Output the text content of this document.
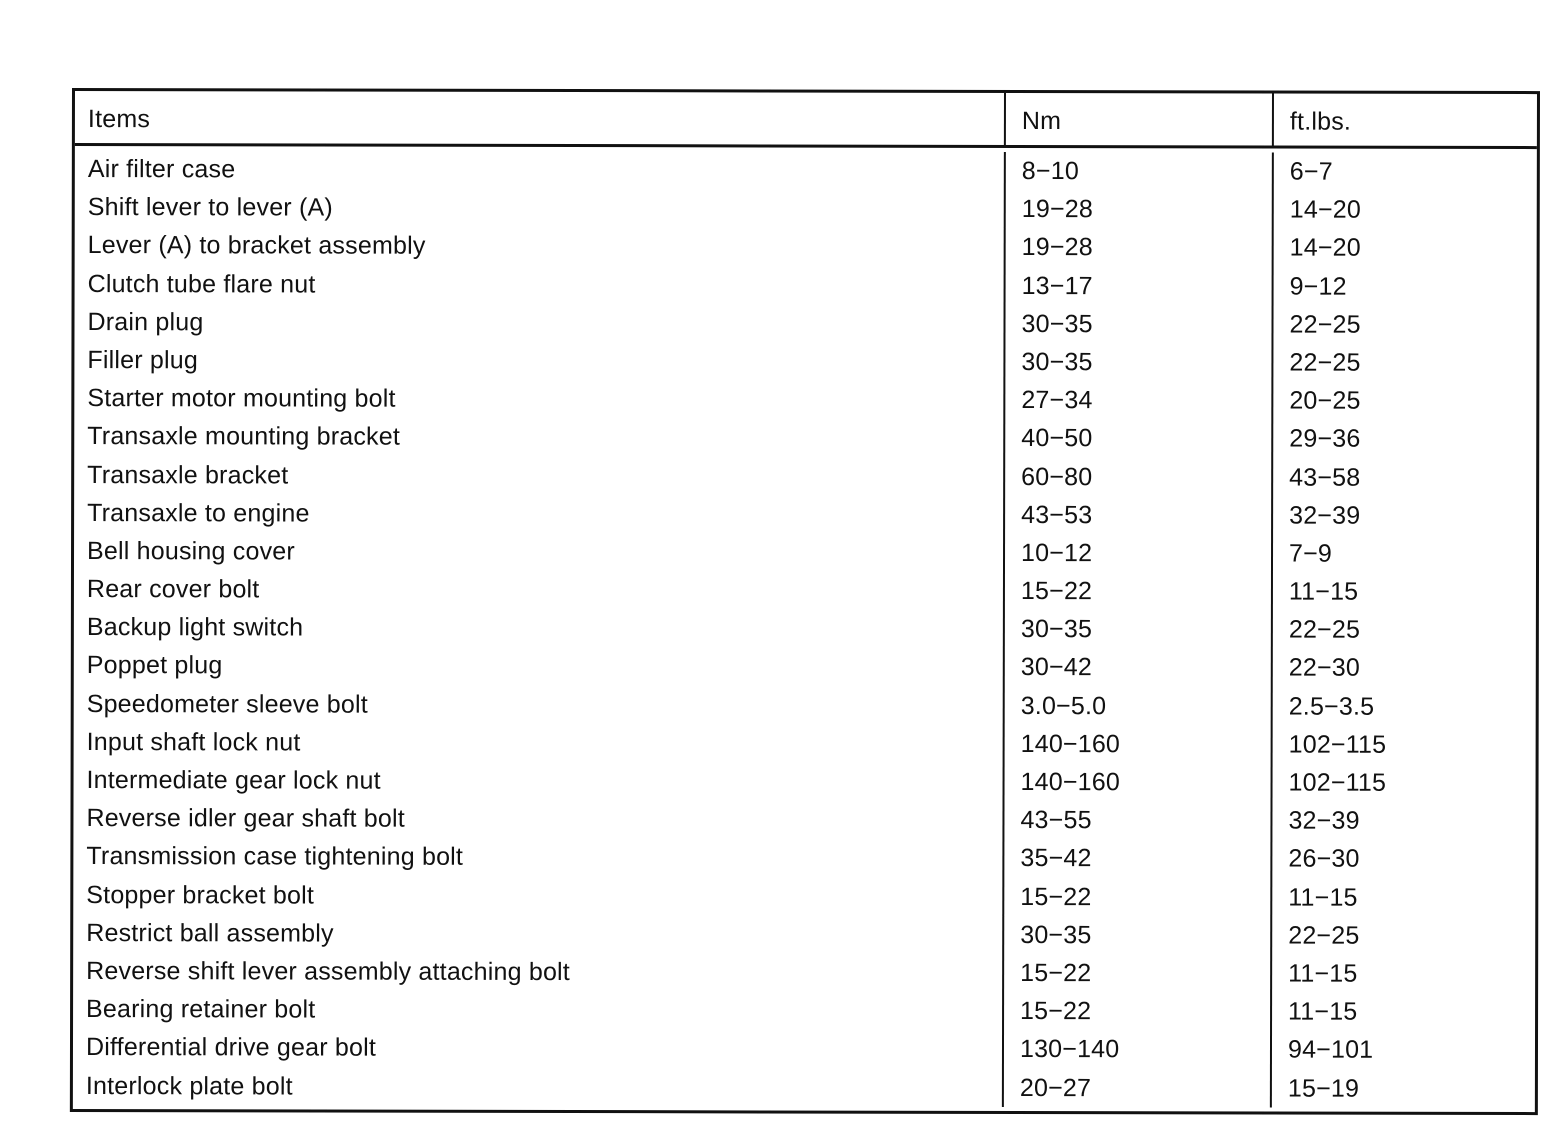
Items	Nm	ft.lbs.
Air filter case	8−10	6−7
Shift lever to lever (A)	19−28	14−20
Lever (A) to bracket assembly	19−28	14−20
Clutch tube flare nut	13−17	9−12
Drain plug	30−35	22−25
Filler plug	30−35	22−25
Starter motor mounting bolt	27−34	20−25
Transaxle mounting bracket	40−50	29−36
Transaxle bracket	60−80	43−58
Transaxle to engine	43−53	32−39
Bell housing cover	10−12	7−9
Rear cover bolt	15−22	11−15
Backup light switch	30−35	22−25
Poppet plug	30−42	22−30
Speedometer sleeve bolt	3.0−5.0	2.5−3.5
Input shaft lock nut	140−160	102−115
Intermediate gear lock nut	140−160	102−115
Reverse idler gear shaft bolt	43−55	32−39
Transmission case tightening bolt	35−42	26−30
Stopper bracket bolt	15−22	11−15
Restrict ball assembly	30−35	22−25
Reverse shift lever assembly attaching bolt	15−22	11−15
Bearing retainer bolt	15−22	11−15
Differential drive gear bolt	130−140	94−101
Interlock plate bolt	20−27	15−19
